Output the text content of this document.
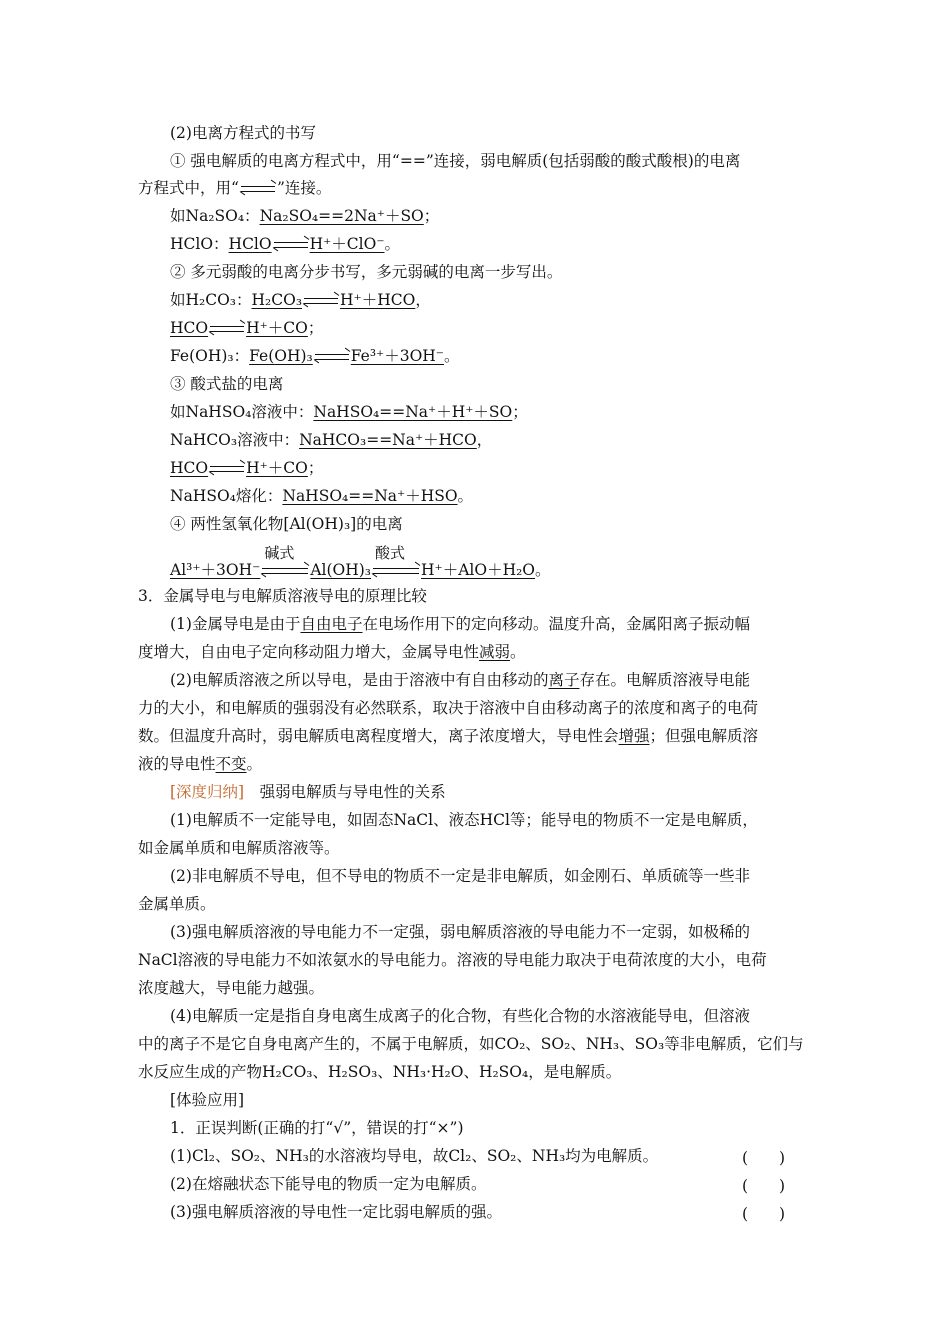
(2)电离方程式的书写
① 强电解质的电离方程式中，用“==”连接，弱电解质(包括弱酸的酸式酸根)的电离
方程式中，用“ ”连接。
如Na₂SO₄：Na₂SO₄==2Na⁺＋SO；
HClO：HClO H⁺＋ClO⁻。
② 多元弱酸的电离分步书写，多元弱碱的电离一步写出。
如H₂CO₃：H₂CO₃ H⁺＋HCO，
HCO H⁺＋CO；
Fe(OH)₃：Fe(OH)₃ Fe³⁺＋3OH⁻。
③ 酸式盐的电离
如NaHSO₄溶液中：NaHSO₄==Na⁺＋H⁺＋SO；
NaHCO₃溶液中：NaHCO₃==Na⁺＋HCO，
HCO H⁺＋CO；
NaHSO₄熔化：NaHSO₄==Na⁺＋HSO。
④ 两性氢氧化物[Al(OH)₃]的电离
Al³⁺＋3OH⁻
碱式
Al(OH)₃
酸式
H⁺＋AlO＋H₂O。
3．金属导电与电解质溶液导电的原理比较
(1)金属导电是由于自由电子在电场作用下的定向移动。温度升高，金属阳离子振动幅
度增大，自由电子定向移动阻力增大，金属导电性减弱。
(2)电解质溶液之所以导电，是由于溶液中有自由移动的离子存在。电解质溶液导电能
力的大小，和电解质的强弱没有必然联系，取决于溶液中自由移动离子的浓度和离子的电荷
数。但温度升高时，弱电解质电离程度增大，离子浓度增大，导电性会增强；但强电解质溶
液的导电性不变。
[深度归纳]　强弱电解质与导电性的关系
(1)电解质不一定能导电，如固态NaCl、液态HCl等；能导电的物质不一定是电解质，
如金属单质和电解质溶液等。
(2)非电解质不导电，但不导电的物质不一定是非电解质，如金刚石、单质硫等一些非
金属单质。
(3)强电解质溶液的导电能力不一定强，弱电解质溶液的导电能力不一定弱，如极稀的
NaCl溶液的导电能力不如浓氨水的导电能力。溶液的导电能力取决于电荷浓度的大小，电荷
浓度越大，导电能力越强。
(4)电解质一定是指自身电离生成离子的化合物，有些化合物的水溶液能导电，但溶液
中的离子不是它自身电离产生的，不属于电解质，如CO₂、SO₂、NH₃、SO₃等非电解质，它们与
水反应生成的产物H₂CO₃、H₂SO₃、NH₃·H₂O、H₂SO₄，是电解质。
[体验应用]
1．正误判断(正确的打“√”，错误的打“×”)
(1)Cl₂、SO₂、NH₃的水溶液均导电，故Cl₂、SO₂、NH₃均为电解质。	(　　)
(2)在熔融状态下能导电的物质一定为电解质。	(　　)
(3)强电解质溶液的导电性一定比弱电解质的强。	(　　)
